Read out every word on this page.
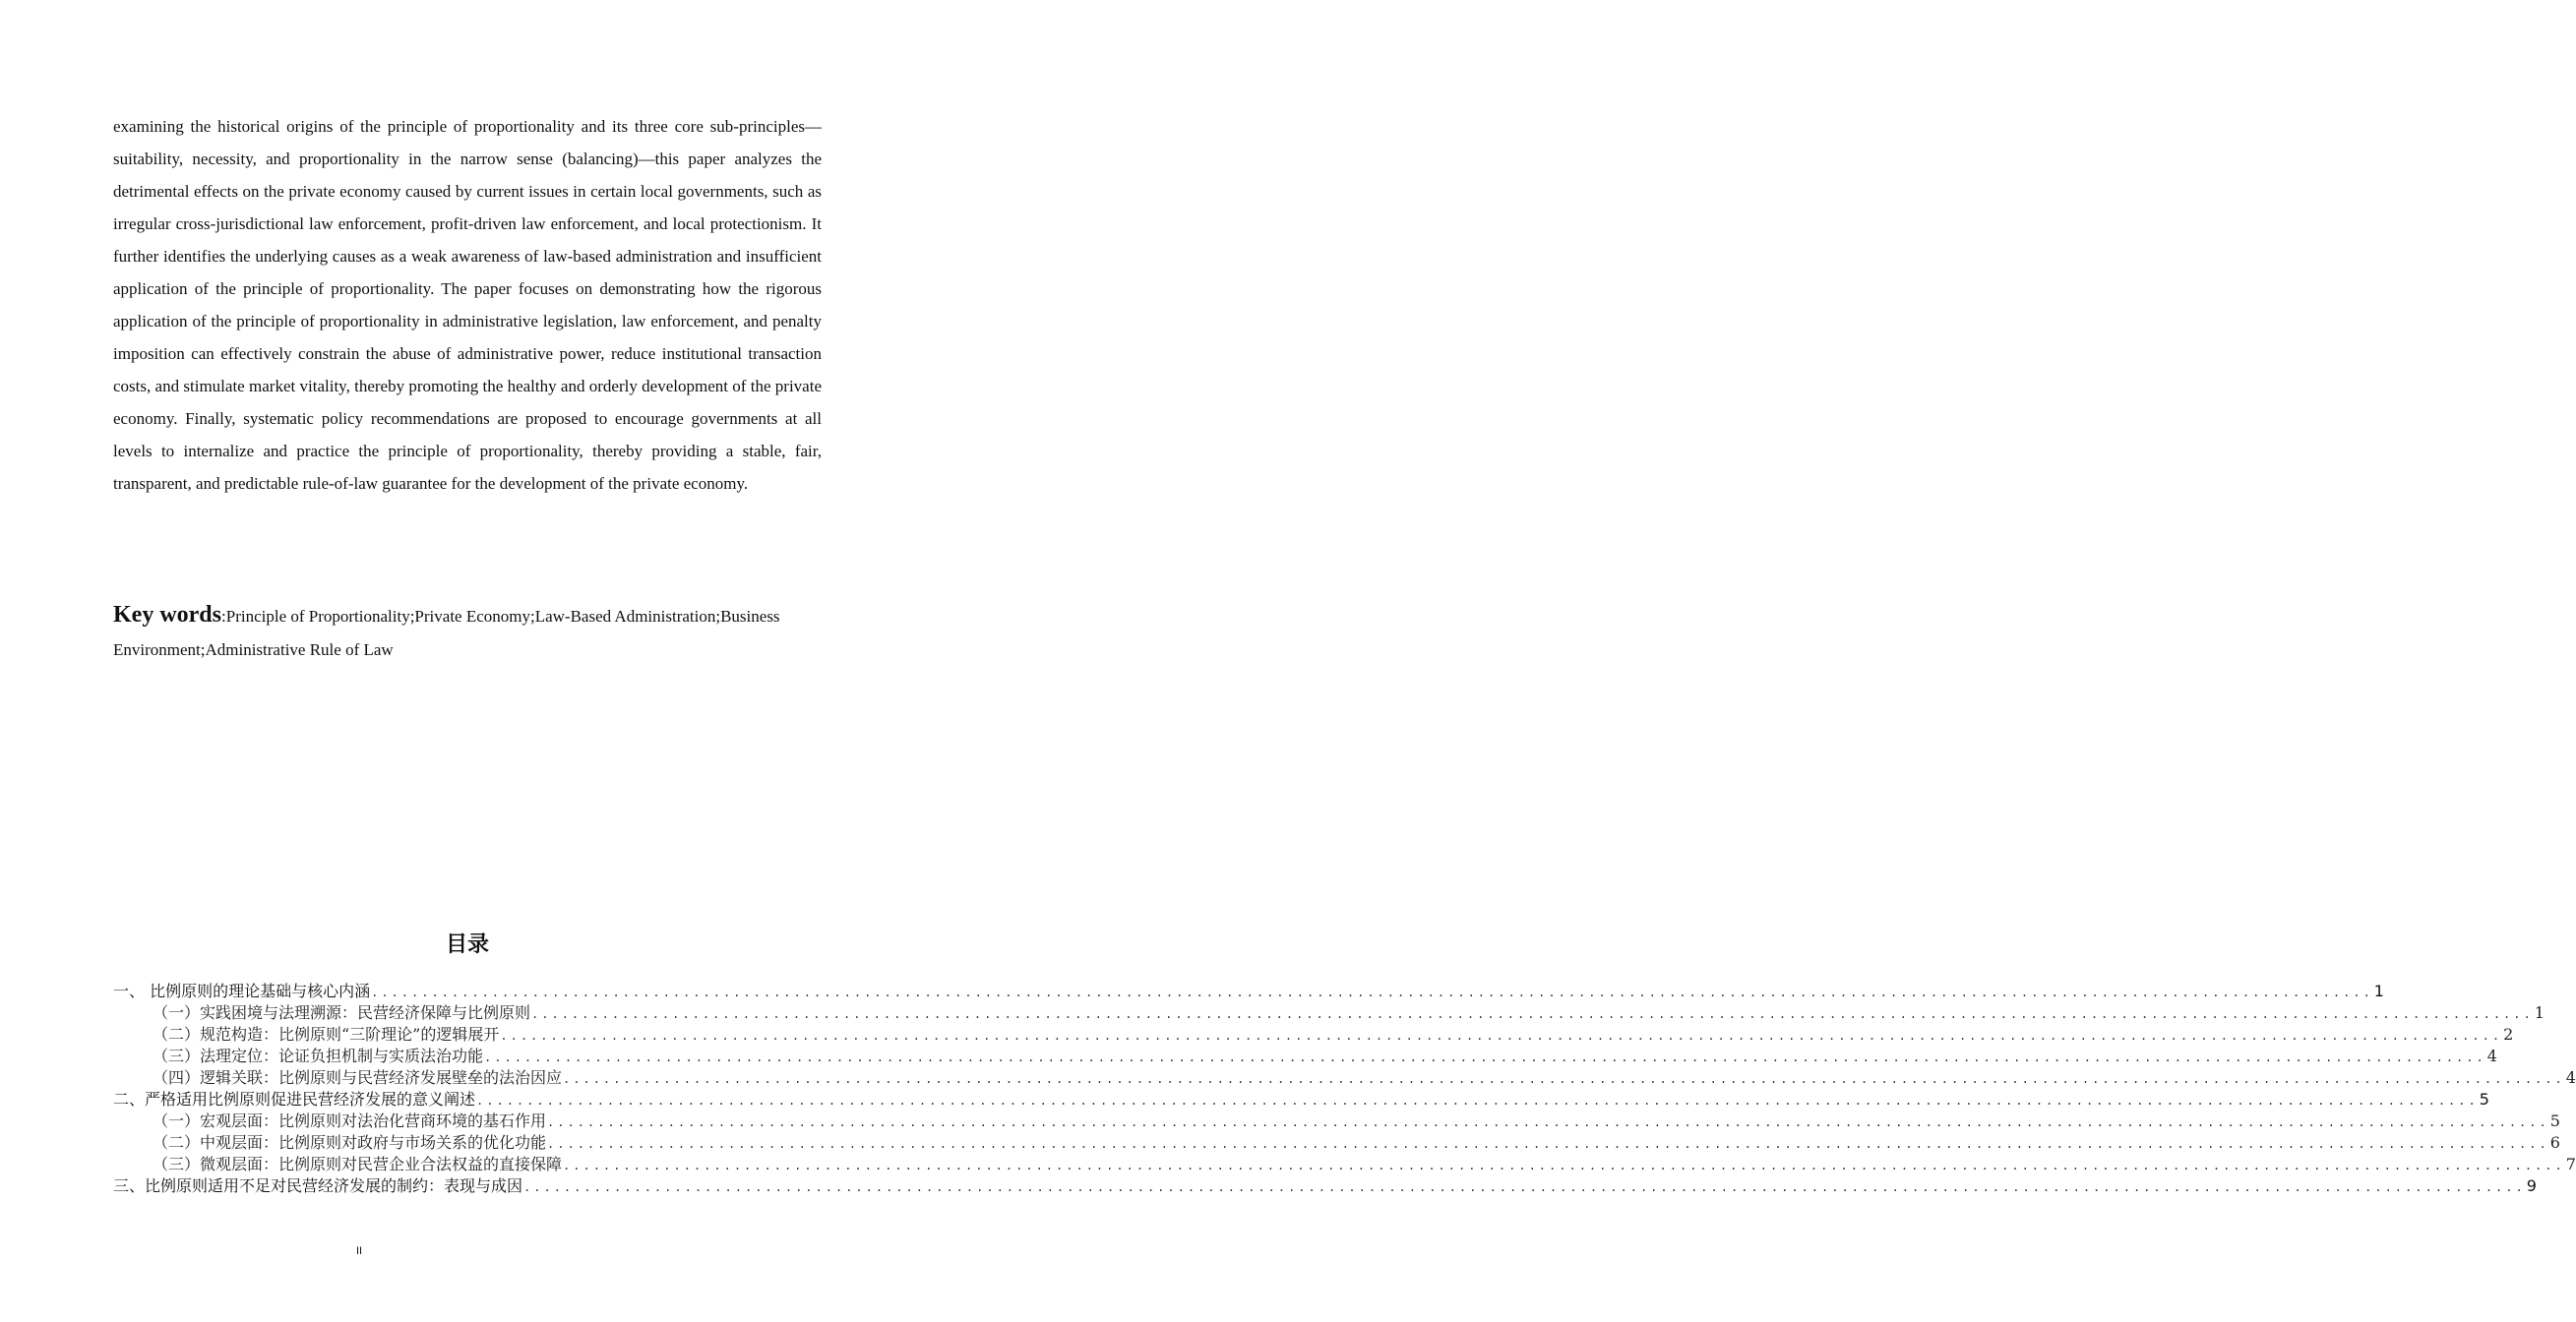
examining the historical origins of the principle of proportionality and its three core sub-principles—suitability, necessity, and proportionality in the narrow sense (balancing)—this paper analyzes the detrimental effects on the private economy caused by current issues in certain local governments, such as irregular cross-jurisdictional law enforcement, profit-driven law enforcement, and local protectionism. It further identifies the underlying causes as a weak awareness of law-based administration and insufficient application of the principle of proportionality. The paper focuses on demonstrating how the rigorous application of the principle of proportionality in administrative legislation, law enforcement, and penalty imposition can effectively constrain the abuse of administrative power, reduce institutional transaction costs, and stimulate market vitality, thereby promoting the healthy and orderly development of the private economy. Finally, systematic policy recommendations are proposed to encourage governments at all levels to internalize and practice the principle of proportionality, thereby providing a stable, fair, transparent, and predictable rule-of-law guarantee for the development of the private economy.

Key words:Principle of Proportionality;Private Economy;Law-Based Administration;Business Environment;Administrative Rule of Law

目录
一、 比例原则的理论基础与核心内涵 ....................................................................................................................................................................................................... 1
（一）实践困境与法理溯源：民营经济保障与比例原则 ....................................................................................................................................................................................................... 1
（二）规范构造：比例原则“三阶理论”的逻辑展开 ....................................................................................................................................................................................................... 2
（三）法理定位：论证负担机制与实质法治功能 ....................................................................................................................................................................................................... 4
（四）逻辑关联：比例原则与民营经济发展壁垒的法治因应 ....................................................................................................................................................................................................... 4
二、严格适用比例原则促进民营经济发展的意义阐述 ....................................................................................................................................................................................................... 5
（一）宏观层面：比例原则对法治化营商环境的基石作用 ....................................................................................................................................................................................................... 5
（二）中观层面：比例原则对政府与市场关系的优化功能 ....................................................................................................................................................................................................... 6
（三）微观层面：比例原则对民营企业合法权益的直接保障 ....................................................................................................................................................................................................... 7
三、比例原则适用不足对民营经济发展的制约：表现与成因 ....................................................................................................................................................................................................... 9
II
